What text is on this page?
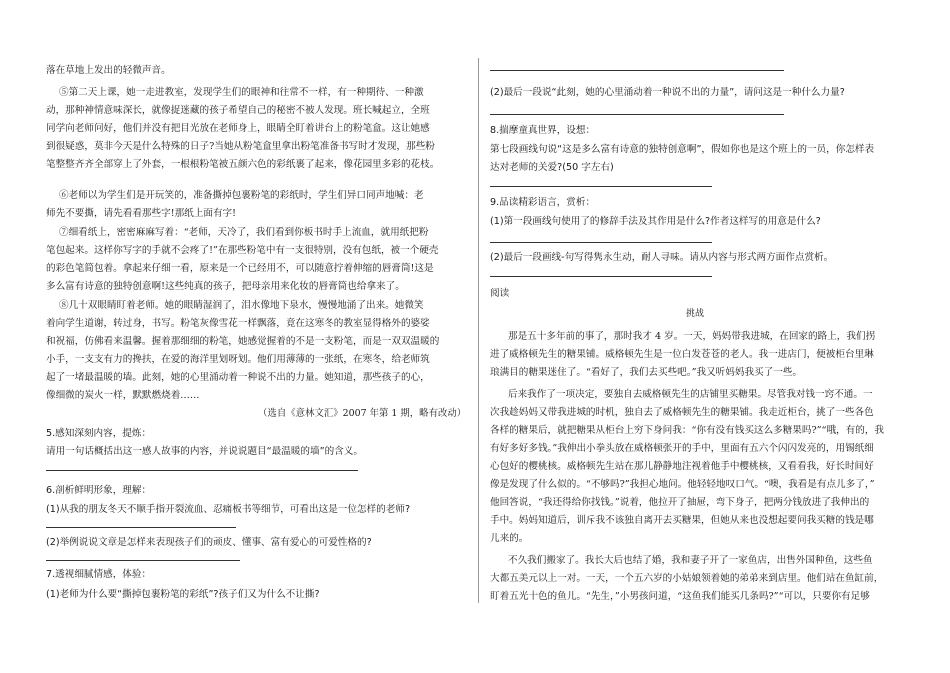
落在草地上发出的轻微声音。
⑤第二天上课，她一走进教室，发现学生们的眼神和往常不一样，有一种期待、一种激
动，那种神情意味深长，就像捉迷藏的孩子希望自己的秘密不被人发现。班长喊起立，全班
同学向老师问好，他们并没有把目光放在老师身上，眼睛全盯着讲台上的粉笔盒。这让她感
到很疑惑，莫非今天是什么特殊的日子?当她从粉笔盒里拿出粉笔准备书写时才发现，那些粉
笔整整齐齐全部穿上了外套，一根根粉笔被五颜六色的彩纸裹了起来，像花园里多彩的花枝。
⑥老师以为学生们是开玩笑的，准备撕掉包裹粉笔的彩纸时，学生们异口同声地喊：老
师先不要撕，请先看看那些字!那纸上面有字!
⑦细看纸上，密密麻麻写着：“老师，天冷了，我们看到你板书时手上流血，就用纸把粉
笔包起来。这样你写字的手就不会疼了!”在那些粉笔中有一支很特别，没有包纸，被一个硬壳
的彩色笔简包着。拿起来仔细一看，原来是一个已经用不，可以随意拧着伸缩的唇膏筒!这是
多么富有诗意的独特创意啊!这些纯真的孩子，把母亲用来化妆的唇膏筒也给拿来了。
⑧几十双眼睛盯着老师。她的眼睛湿润了，泪水像地下泉水，慢慢地涌了出来。她微笑
着向学生道谢，转过身，书写。粉笔灰像雪花一样飘落，竟在这寒冬的教室显得格外的婆娑
和祝福，仿佛看来温馨。握着那细细的粉笔，她感觉握着的不是一支粉笔，而是一双双温暖的
小手，一支支有力的搀扶，在爱的海洋里划呀划。他们用薄薄的一张纸，在寒冬，给老师筑
起了一堵最温暖的墙。此刻，她的心里涌动着一种说不出的力量。她知道，那些孩子的心，
像细微的炭火一样，默默燃烧着……
（选自《意林文汇》2007 年第 1 期，略有改动）
5.感知深刻内容，提炼：
请用一句话概括出这一感人故事的内容，并说说题目“最温暖的墙”的含义。
6.剖析鲜明形象，理解：
(1)从我的朋友冬天不顺手指开裂流血、忍痛板书等细节，可看出这是一位怎样的老师?
(2)举例说说文章是怎样来表现孩子们的顽皮、懂事、富有爱心的可爱性格的?
7.透视细腻情感，体验：
(1)老师为什么要“撕掉包裹粉笔的彩纸”?孩子们又为什么不让撕?
(2)最后一段说“此刻，她的心里涌动着一种说不出的力量”，请问这是一种什么力量?
8.揣摩童真世界，设想：
第七段画线句说“这是多么富有诗意的独特创意啊”，假如你也是这个班上的一员，你怎样表
达对老师的关爱?(50 字左右)
9.品读精彩语言，赏析：
(1)第一段画线句使用了的修辞手法及其作用是什么?作者这样写的用意是什么?
(2)最后一段画线-句写得隽永生动，耐人寻味。请从内容与形式两方面作点赏析。
阅读
挑战
那是五十多年前的事了，那时我才 4 岁。一天，妈妈带我进城，在回家的路上，我们拐
进了威格顿先生的糖果铺。威格顿先生是一位白发苍苍的老人。我一进店门，便被柜台里琳
琅满目的糖果迷住了。“看好了，我们去买些吧。”我又听妈妈我买了一些。
后来我作了一项决定，要独自去威格顿先生的店铺里买糖果。尽管我对钱一窍不通。一
次我趁妈妈又带我进城的时机，独自去了威格顿先生的糖果铺。我走近柜台，挑了一些各色
各样的糖果后，就把糖果从柜台上穷下身问我：“你有没有钱买这么多糖果吗?”“哦，有的，我
有好多好多钱。”我伸出小拳头放在威格顿张开的手中，里面有五六个闪闪发亮的，用锡纸细
心包好的樱桃核。威格顿先生站在那儿静静地注视着他手中樱桃核，又看看我，好长时间好
像是发现了什么似的。“不够吗?”我担心地问。他轻轻地叹口气。“噢，我看是有点儿多了，”
他回答说，“我还得给你找钱。”说着，他拉开了抽屉，弯下身子，把两分钱放进了我伸出的
手中。妈妈知道后，训斥我不该独自离开去买糖果，但她从来也没想起要问我买糖的钱是哪
儿来的。
不久我们搬家了。我长大后也结了婚，我和妻子开了一家鱼店，出售外国种鱼，这些鱼
大都五美元以上一对。一天，一个五六岁的小姑娘领着她的弟弟来到店里。他们站在鱼缸前，
盯着五光十色的鱼儿。“先生，”小男孩问道，“这鱼我们能买几条吗?”“可以，只要你有足够
